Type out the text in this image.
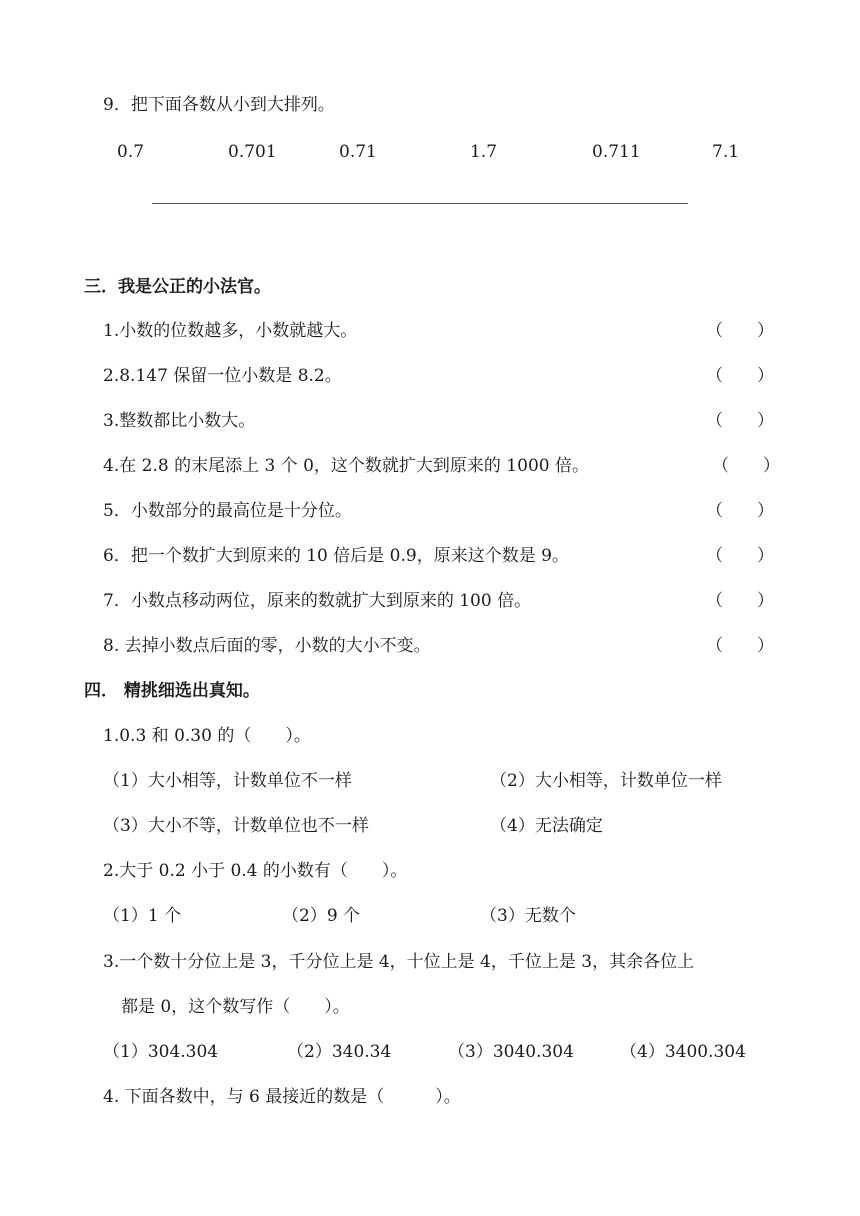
9．把下面各数从小到大排列。
0.7	0.701	0.71	1.7	0.711	7.1
三．我是公正的小法官。
1.小数的位数越多，小数就越大。	（　　）
2.8.147 保留一位小数是 8.2。	（　　）
3.整数都比小数大。	（　　）
4.在 2.8 的末尾添上 3 个 0，这个数就扩大到原来的 1000 倍。	（　　）
5．小数部分的最高位是十分位。	（　　）
6．把一个数扩大到原来的 10 倍后是 0.9，原来这个数是 9。	（　　）
7．小数点移动两位，原来的数就扩大到原来的 100 倍。	（　　）
8. 去掉小数点后面的零，小数的大小不变。	（　　）
四． 精挑细选出真知。
1.0.3 和 0.30 的（　　）。
（1）大小相等，计数单位不一样	（2）大小相等，计数单位一样
（3）大小不等，计数单位也不一样	（4）无法确定
2.大于 0.2 小于 0.4 的小数有（　　）。
（1）1 个	（2）9 个	（3）无数个
3.一个数十分位上是 3，千分位上是 4，十位上是 4，千位上是 3，其余各位上
都是 0，这个数写作（　　）。
（1）304.304	（2）340.34	（3）3040.304	（4）3400.304
4. 下面各数中，与 6 最接近的数是（　　　）。
